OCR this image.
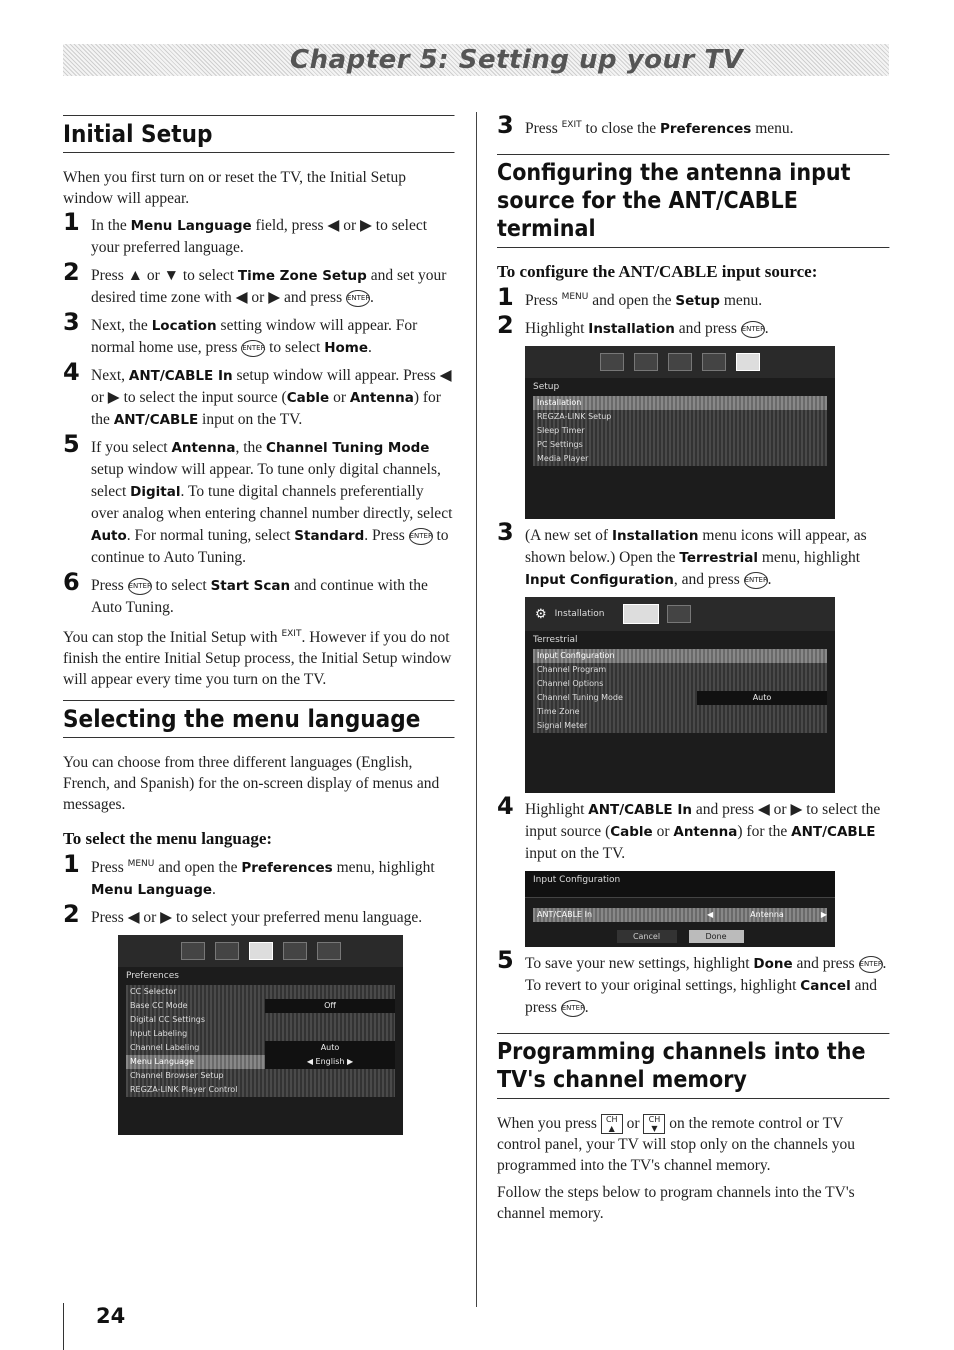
Chapter 5: Setting up your TV
Initial Setup

When you first turn on or reset the TV, the Initial Setup window will appear.

1 In the Menu Language field, press ◀ or ▶ to select your preferred language.
2 Press ▲ or ▼ to select Time Zone Setup and set your desired time zone with ◀ or ▶ and press ENTER.
3 Next, the Location setting window will appear. For normal home use, press ENTER to select Home.
4 Next, ANT/CABLE In setup window will appear. Press ◀ or ▶ to select the input source (Cable or Antenna) for the ANT/CABLE input on the TV.
5 If you select Antenna, the Channel Tuning Mode setup window will appear. To tune only digital channels, select Digital. To tune digital channels preferentially over analog when entering channel number directly, select Auto. For normal tuning, select Standard. Press ENTER to continue to Auto Tuning.
6 Press ENTER to select Start Scan and continue with the Auto Tuning.

You can stop the Initial Setup with EXIT. However if you do not finish the entire Initial Setup process, the Initial Setup window will appear every time you turn on the TV.

Selecting the menu language

You can choose from three different languages (English, French, and Spanish) for the on-screen display of menus and messages.

To select the menu language:
1 Press MENU and open the Preferences menu, highlight Menu Language.
2 Press ◀ or ▶ to select your preferred menu language.
Preferences
CC Selector
Base CC Mode	Off
Digital CC Settings
Input Labeling
Channel Labeling	Auto
Menu Language	◀ English ▶
Channel Browser Setup
REGZA-LINK Player Control
3 Press EXIT to close the Preferences menu.
Configuring the antenna input source for the ANT/CABLE terminal
To configure the ANT/CABLE input source:
1 Press MENU and open the Setup menu.
2 Highlight Installation and press ENTER.
Setup
Installation
REGZA-LINK Setup
Sleep Timer
PC Settings
Media Player
3 (A new set of Installation menu icons will appear, as shown below.) Open the Terrestrial menu, highlight Input Configuration, and press ENTER.
⚙ Installation
Terrestrial
Input Configuration
Channel Program
Channel Options
Channel Tuning Mode	Auto
Time Zone
Signal Meter
4 Highlight ANT/CABLE In and press ◀ or ▶ to select the input source (Cable or Antenna) for the ANT/CABLE input on the TV.
Input Configuration
ANT/CABLE In	◀	Antenna	▶
Cancel	Done
5 To save your new settings, highlight Done and press ENTER. To revert to your original settings, highlight Cancel and press ENTER.
Programming channels into the TV's channel memory

When you press CH ▲ or CH ▼ on the remote control or TV control panel, your TV will stop only on the channels you programmed into the TV's channel memory.

Follow the steps below to program channels into the TV's channel memory.

24
